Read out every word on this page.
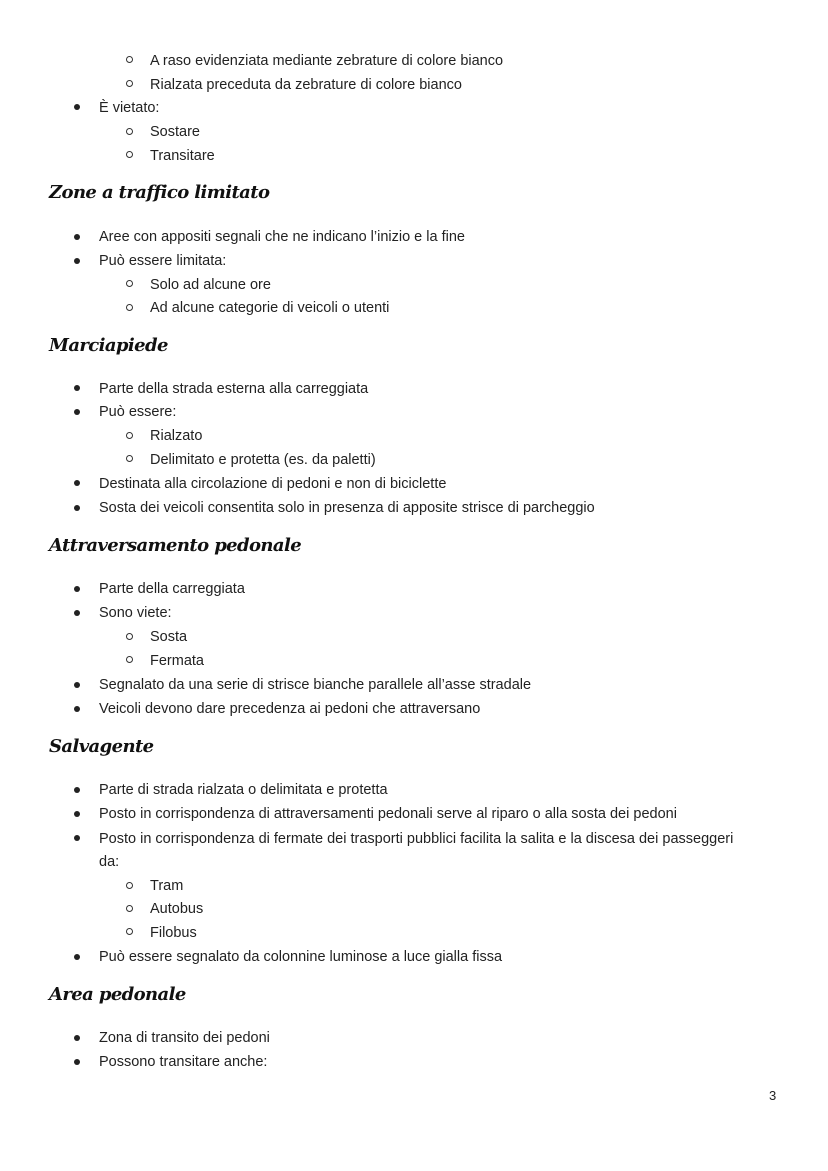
A raso evidenziata mediante zebrature di colore bianco
Rialzata preceduta da zebrature di colore bianco
È vietato:
Sostare
Transitare
Zone a traffico limitato
Aree con appositi segnali che ne indicano l’inizio e la fine
Può essere limitata:
Solo ad alcune ore
Ad alcune categorie di veicoli o utenti
Marciapiede
Parte della strada esterna alla carreggiata
Può essere:
Rialzato
Delimitato e protetta (es. da paletti)
Destinata alla circolazione di pedoni e non di biciclette
Sosta dei veicoli consentita solo in presenza di apposite strisce di parcheggio
Attraversamento pedonale
Parte della carreggiata
Sono viete:
Sosta
Fermata
Segnalato da una serie di strisce bianche parallele all’asse stradale
Veicoli devono dare precedenza ai pedoni che attraversano
Salvagente
Parte di strada rialzata o delimitata e protetta
Posto in corrispondenza di attraversamenti pedonali serve al riparo o alla sosta dei pedoni
Posto in corrispondenza di fermate dei trasporti pubblici facilita la salita e la discesa dei passeggeri
da:
Tram
Autobus
Filobus
Può essere segnalato da colonnine luminose a luce gialla fissa
Area pedonale
Zona di transito dei pedoni
Possono transitare anche:
3
